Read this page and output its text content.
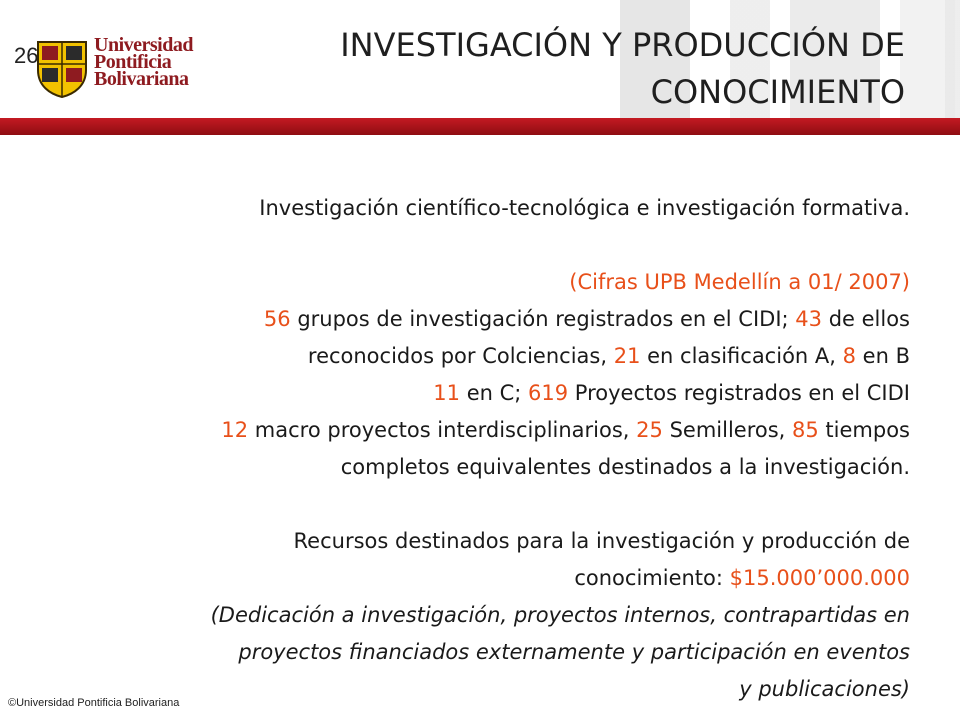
Universidad
Pontificia
Bolivariana
26	INVESTIGACIÓN Y PRODUCCIÓN DE
CONOCIMIENTO

Investigación científico-tecnológica e investigación formativa.

(Cifras UPB Medellín a 01/ 2007)

56 grupos de investigación registrados en el CIDI; 43 de ellos

reconocidos por Colciencias, 21 en clasificación A, 8 en B

11 en C; 619 Proyectos registrados en el CIDI

12 macro proyectos interdisciplinarios, 25 Semilleros, 85 tiempos

completos equivalentes destinados a la investigación.

Recursos destinados para la investigación y producción de

conocimiento: $15.000’000.000

(Dedicación a investigación, proyectos internos, contrapartidas en

proyectos financiados externamente y participación en eventos

y publicaciones)

©Universidad Pontificia Bolivariana
